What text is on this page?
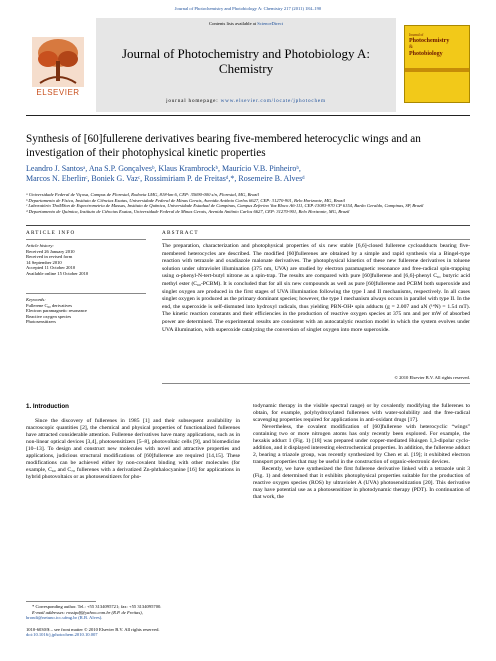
Journal of Photochemistry and Photobiology A: Chemistry 217 (2011) 184–190
ELSEVIER
Contents lists available at ScienceDirect
Journal of Photochemistry and Photobiology A: Chemistry
journal homepage: www.elsevier.com/locate/jphotochem
Journal of
Photochemistry
&
Photobiology
Synthesis of [60]fullerene derivatives bearing five-membered heterocyclic wings and an investigation of their photophysical kinetic properties
Leandro J. Santosᵃ, Ana S.P. Gonçalvesᵇ, Klaus Krambrockᵇ, Maurício V.B. Pinheiroᵇ,
Marcos N. Eberlinᶜ, Boniek G. Vazᶜ, Rossimiriam P. de Freitasᵈ,*, Rosemeire B. Alvesᵈ
ᵃ Universidade Federal de Viçosa, Campus de Florestal, Rodovia LMG, 818-km 6, CEP: 35690-000 s/n, Florestal, MG, Brazil
ᵇ Departamento de Física, Instituto de Ciências Exatas, Universidade Federal de Minas Gerais, Avenida Antônio Carlos 6627, CEP: 31270-901, Belo Horizonte, MG, Brazil
ᶜ Laboratório ThoMSon de Espectrometria de Massas, Instituto de Química, Universidade Estadual de Campinas, Campus Zeferino Vaz Bloco A6-111, CEP:13083-970 CP 6154, Barão Geraldo, Campinas, SP, Brazil
ᵈ Departamento de Química, Instituto de Ciências Exatas, Universidade Federal de Minas Gerais, Avenida Antônio Carlos 6627, CEP: 31270-901, Belo Horizonte, MG, Brazil
ARTICLE INFO
Article history:
Received 26 January 2010
Received in revised form
14 September 2010
Accepted 11 October 2010
Available online 15 October 2010
Keywords:
Fullerene C₆₀ derivatives
Electron paramagnetic resonance
Reactive oxygen species
Photosensitizers
ABSTRACT

The preparation, characterization and photophysical properties of six new stable [6,6]-closed fullerene cycloadducts bearing five-membered heterocycles are described. The modified [60]fullerenes are obtained by a simple and rapid synthesis via a Bingel-type reaction with tetrazole and oxadiazole malonate derivatives. The photophysical kinetics of these new fullerene derivatives in toluene solution under ultraviolet illumination (375 nm, UVA) are studied by electron paramagnetic resonance and free-radical spin-trapping using α-phenyl-N-tert-butyl nitrone as a spin-trap. The results are compared with pure [60]fullerene and [6,6]-phenyl C₆₁ butyric acid methyl ester (C₆₀-PCBM). It is concluded that for all six new compounds as well as pure [60]fullerene and PCBM both superoxide and singlet oxygen are produced in the first stages of UVA illumination following the type I and II mechanisms, respectively. In all cases singlet oxygen is produced as the primary dominant species; however, the type I mechanism always occurs in parallel with type II. In the end, the superoxide is self-dismuted into hydroxyl radicals, thus yielding PBN-OH• spin adducts (g = 2.007 and aN (¹⁴N) = 1.54 mT). The kinetic reaction constants and their efficiencies in the production of reactive oxygen species at 375 nm and per mW of absorbed power are determined. The experimental results are consistent with an autocatalytic reaction model in which the system evolves under UVA illumination, with superoxide catalyzing the conversion of singlet oxygen into more superoxide.

© 2010 Elsevier B.V. All rights reserved.
1. Introduction

Since the discovery of fullerenes in 1985 [1] and their subsequent availability in macroscopic quantities [2], the chemical and physical properties of functionalized fullerenes have attracted considerable attention. Fullerene derivatives have many applications, such as in non-linear optical devices [3,4], photosensitizers [5–8], photovoltaic cells [9], and biomedicine [10–13]. To design and construct new molecules with novel and attractive properties and applications, judicious structural modifications of [60]fullerene are required [14,15]. These modifications can be achieved either by non-covalent binding with other molecules (for example, C₆₀ and C₇₀ fullerenes with a derivatized Zn-phthalocyanine [16] for applications in hybrid photovoltaics or as photosensitizers for pho-

todynamic therapy in the visible spectral range) or by covalently modifying the fullerenes to obtain, for example, polyhydroxylated fullerenes with water-solubility and the free-radical scavenging properties required for applications in anti-oxidant drugs [17].

Nevertheless, the covalent modification of [60]fullerene with heterocyclic “wings” containing two or more nitrogen atoms has only recently been explored. For example, the hexakis adduct 1 (Fig. 1) [18] was prepared under copper-mediated Huisgen 1,3-dipolar cyclo-addition, and it displayed interesting electrochemical properties. In addition, the fullerene adduct 2, bearing a triazole group, was recently synthesized by Chen et al. [19]; it exhibited electron transport properties that may be useful in the construction of organic-electronic devices.

Recently, we have synthesized the first fullerene derivative linked with a tetrazole unit 3 (Fig. 1) and determined that it exhibits photophysical properties suitable for the production of reactive oxygen species (ROS) by ultraviolet A (UVA) photosensitization [20]. This derivative may have potential use as a photosensitizer in photodynamic therapy (PDT). In continuation of that work, the

* Corresponding author. Tel.: +55 3134095721; fax: +55 3134095700.
E-mail addresses: rossipdf@yahoo.com.br (R.P. de Freitas),
brondi@netuno.icc.ufmg.br (R.B. Alves).
1010-6030/$ – see front matter © 2010 Elsevier B.V. All rights reserved.
doi:10.1016/j.jphotochem.2010.10.007
